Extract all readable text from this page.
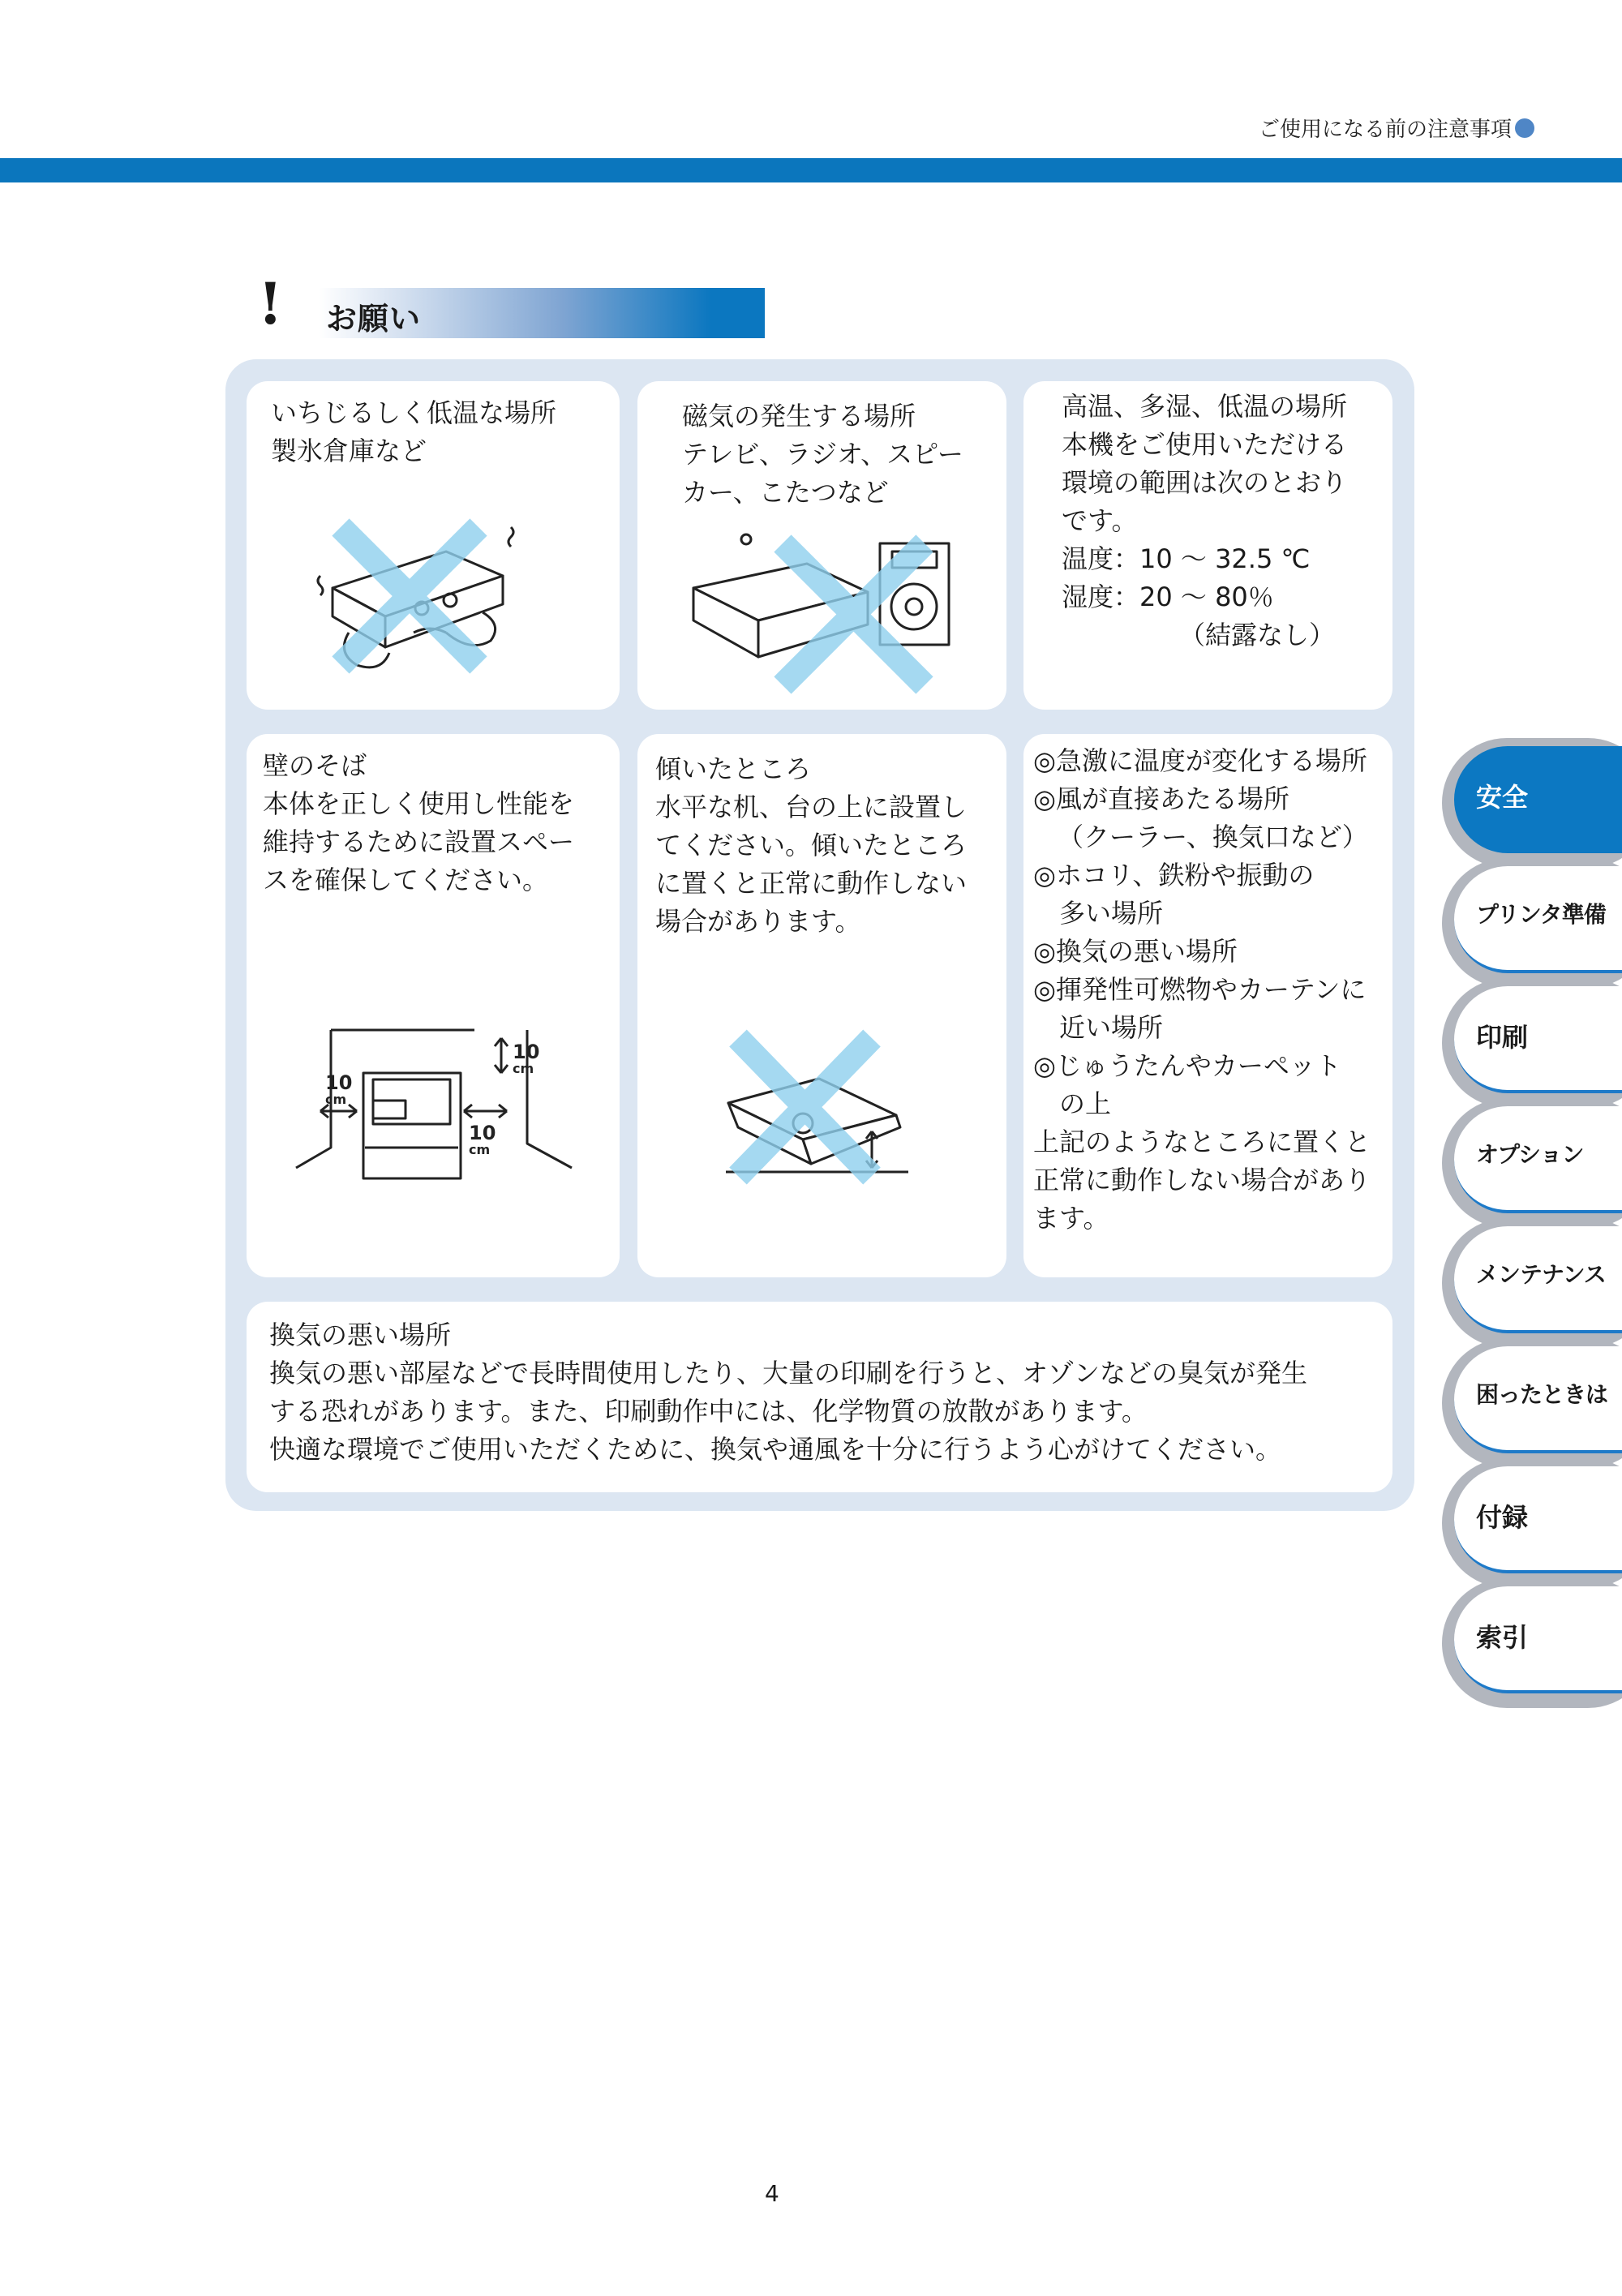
ご使用になる前の注意事項
! お願い
いちじるしく低温な場所
製氷倉庫など
磁気の発生する場所
テレビ、ラジオ、スピー
カー、こたつなど
高温、多湿、低温の場所
本機をご使用いただける
環境の範囲は次のとおり
です。
温度：10 ～ 32.5 ℃
湿度：20 ～ 80％
（結露なし）
壁のそば
本体を正しく使用し性能を
維持するために設置スペー
スを確保してください。
10
cm
10
cm
10
cm
傾いたところ
水平な机、台の上に設置し
てください。傾いたところ
に置くと正常に動作しない
場合があります。
◎急激に温度が変化する場所
◎風が直接あたる場所
（クーラー、換気口など）
◎ホコリ、鉄粉や振動の
多い場所
◎換気の悪い場所
◎揮発性可燃物やカーテンに
近い場所
◎じゅうたんやカーペット
の上
上記のようなところに置くと
正常に動作しない場合があり
ます。
換気の悪い場所
換気の悪い部屋などで長時間使用したり、大量の印刷を行うと、オゾンなどの臭気が発生
する恐れがあります。また、印刷動作中には、化学物質の放散があります。
快適な環境でご使用いただくために、換気や通風を十分に行うよう心がけてください。
安全
プリンタ準備
印刷
オプション
メンテナンス
困ったときは
付録
索引
4
